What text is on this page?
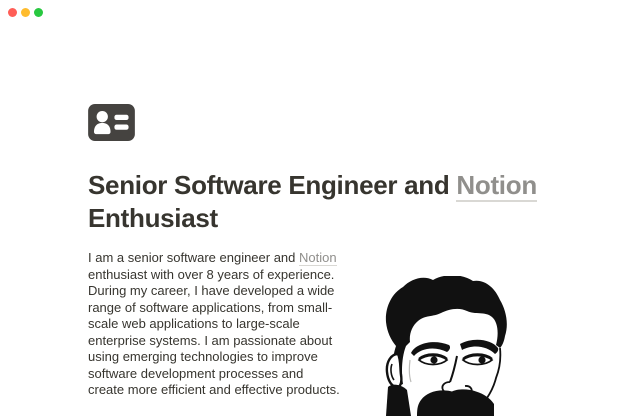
Senior Software Engineer and Notion Enthusiast

I am a senior software engineer and Notion enthusiast with over 8 years of experience. During my career, I have developed a wide range of software applications, from small-scale web applications to large-scale enterprise systems. I am passionate about using emerging technologies to improve software development processes and create more efficient and effective products.
